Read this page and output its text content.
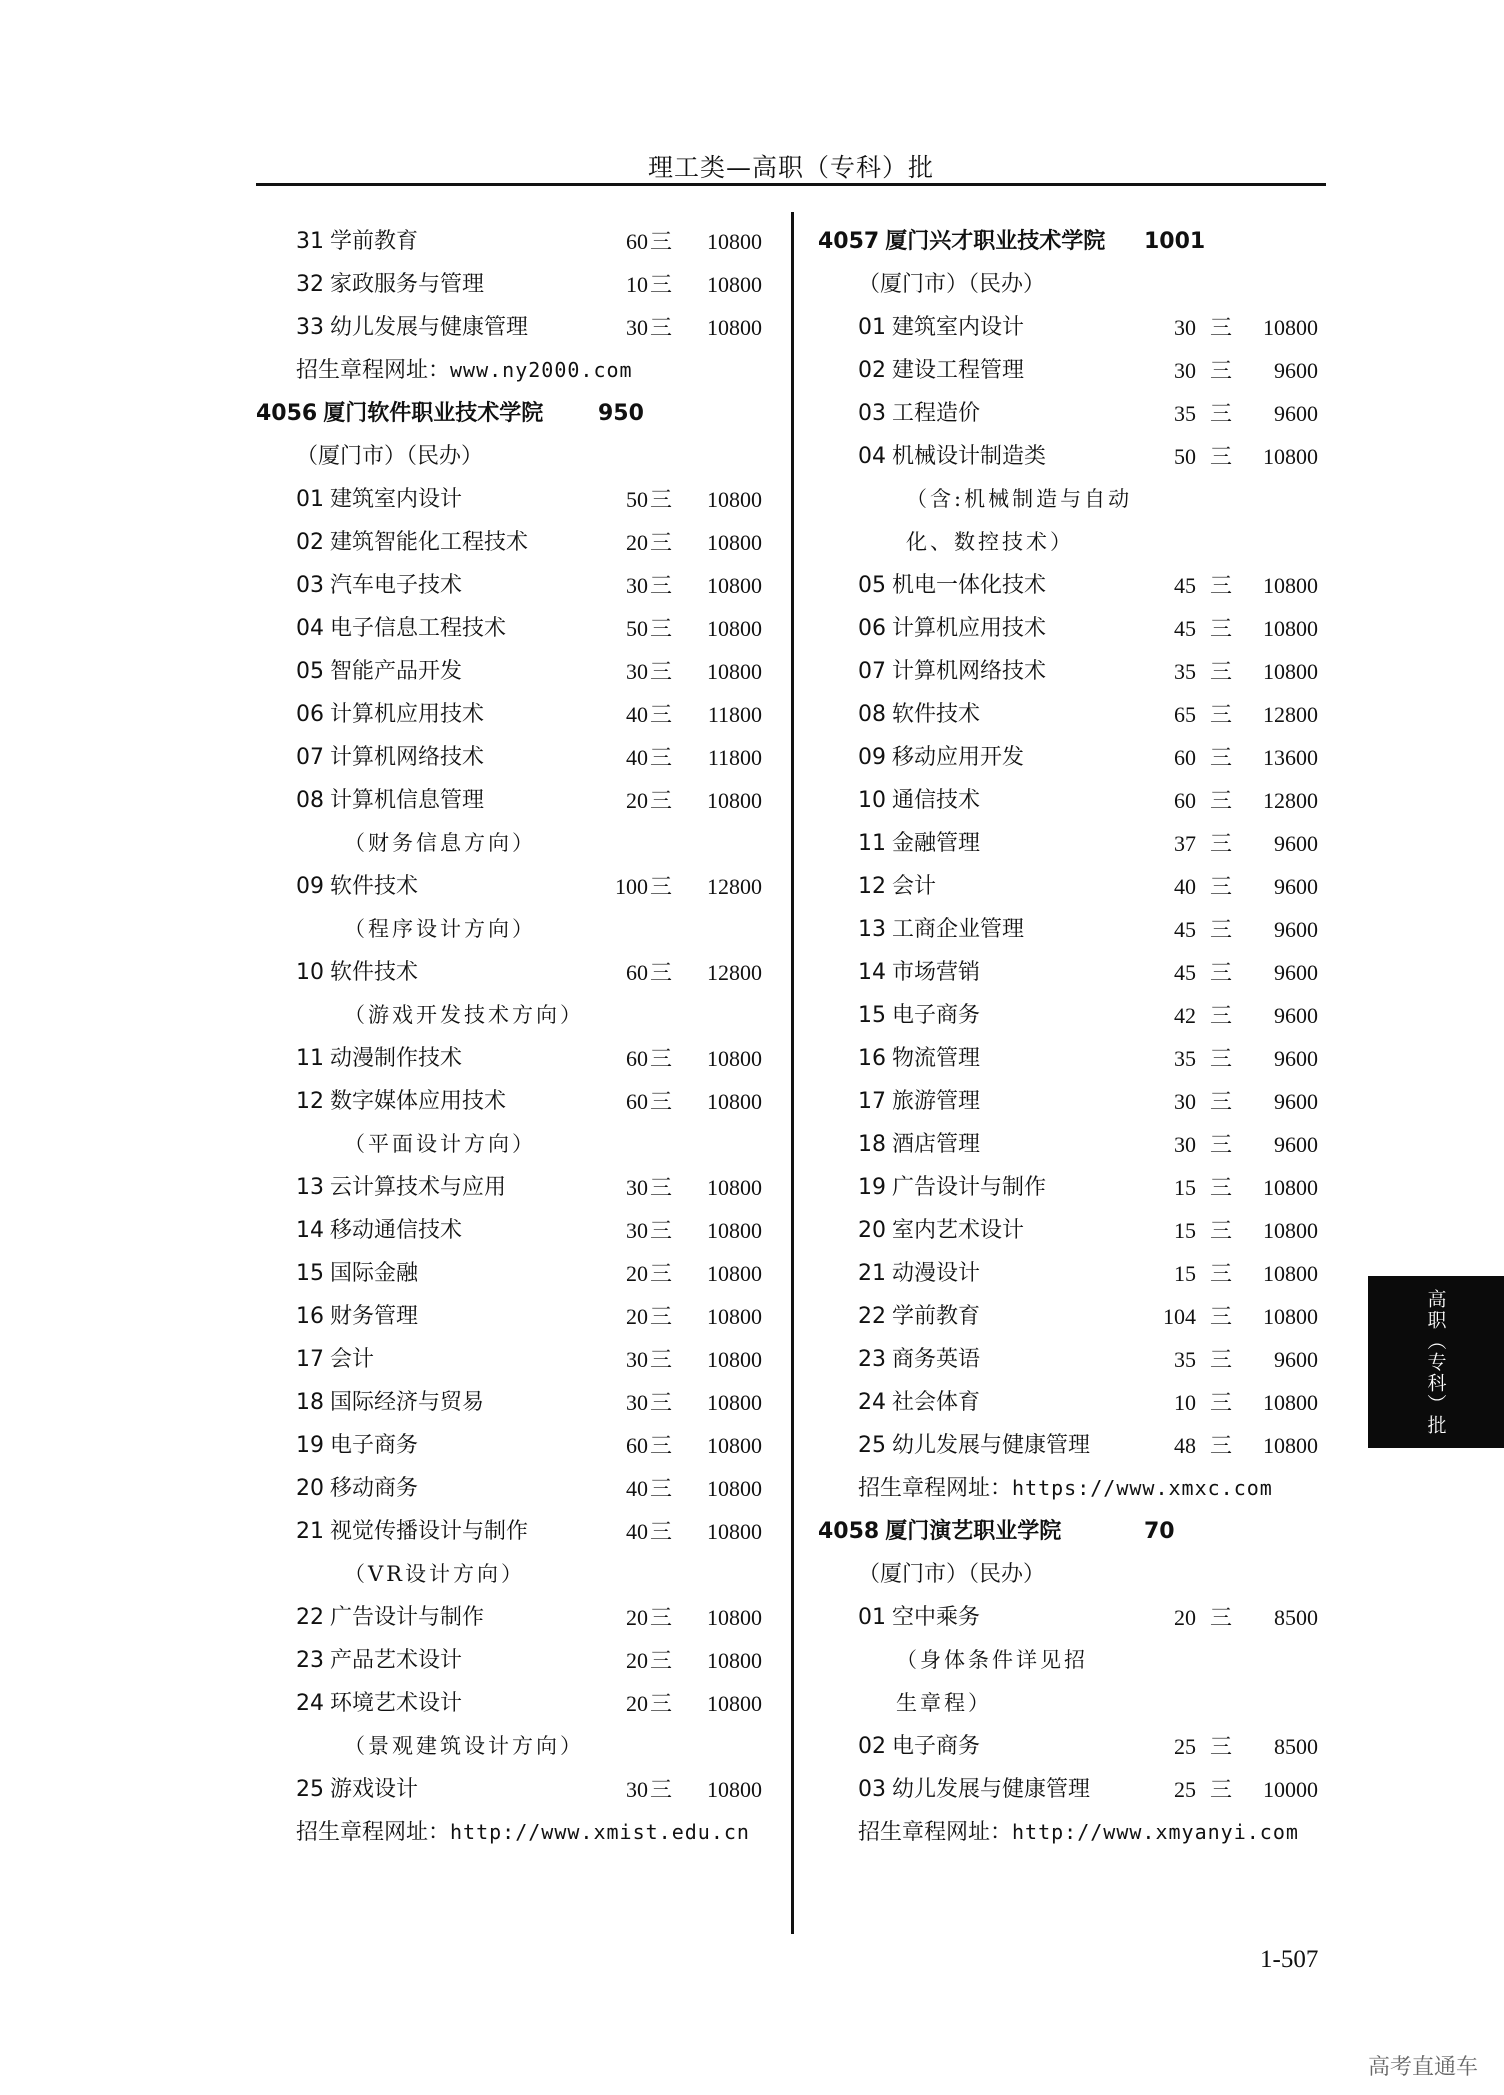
理工类—高职（专科）批
31 学前教育	60 三	10800
32 家政服务与管理	10 三	10800
33 幼儿发展与健康管理	30 三	10800
招生章程网址：www.ny2000.com
4056 厦门软件职业技术学院 950
（厦门市）（民办）
01 建筑室内设计	50 三	10800
02 建筑智能化工程技术	20 三	10800
03 汽车电子技术	30 三	10800
04 电子信息工程技术	50 三	10800
05 智能产品开发	30 三	10800
06 计算机应用技术	40 三	11800
07 计算机网络技术	40 三	11800
08 计算机信息管理	20 三	10800
（财务信息方向）
09 软件技术	100 三	12800
（程序设计方向）
10 软件技术	60 三	12800
（游戏开发技术方向）
11 动漫制作技术	60 三	10800
12 数字媒体应用技术	60 三	10800
（平面设计方向）
13 云计算技术与应用	30 三	10800
14 移动通信技术	30 三	10800
15 国际金融	20 三	10800
16 财务管理	20 三	10800
17 会计	30 三	10800
18 国际经济与贸易	30 三	10800
19 电子商务	60 三	10800
20 移动商务	40 三	10800
21 视觉传播设计与制作	40 三	10800
（VR设计方向）
22 广告设计与制作	20 三	10800
23 产品艺术设计	20 三	10800
24 环境艺术设计	20 三	10800
（景观建筑设计方向）
25 游戏设计	30 三	10800
招生章程网址：http://www.xmist.edu.cn
4057 厦门兴才职业技术学院 1001
（厦门市）（民办）
01 建筑室内设计	30 三	10800
02 建设工程管理	30 三	9600
03 工程造价	35 三	9600
04 机械设计制造类	50 三	10800
（含:机械制造与自动
化、数控技术）
05 机电一体化技术	45 三	10800
06 计算机应用技术	45 三	10800
07 计算机网络技术	35 三	10800
08 软件技术	65 三	12800
09 移动应用开发	60 三	13600
10 通信技术	60 三	12800
11 金融管理	37 三	9600
12 会计	40 三	9600
13 工商企业管理	45 三	9600
14 市场营销	45 三	9600
15 电子商务	42 三	9600
16 物流管理	35 三	9600
17 旅游管理	30 三	9600
18 酒店管理	30 三	9600
19 广告设计与制作	15 三	10800
20 室内艺术设计	15 三	10800
21 动漫设计	15 三	10800
22 学前教育	104 三	10800
23 商务英语	35 三	9600
24 社会体育	10 三	10800
25 幼儿发展与健康管理	48 三	10800
招生章程网址：https://www.xmxc.com
4058 厦门演艺职业学院	70
（厦门市）（民办）
01 空中乘务	20 三	8500
（身体条件详见招
生章程）
02 电子商务	25 三	8500
03 幼儿发展与健康管理	25 三	10000
招生章程网址：http://www.xmyanyi.com
高职（专科）批
1-507
高考直通车
